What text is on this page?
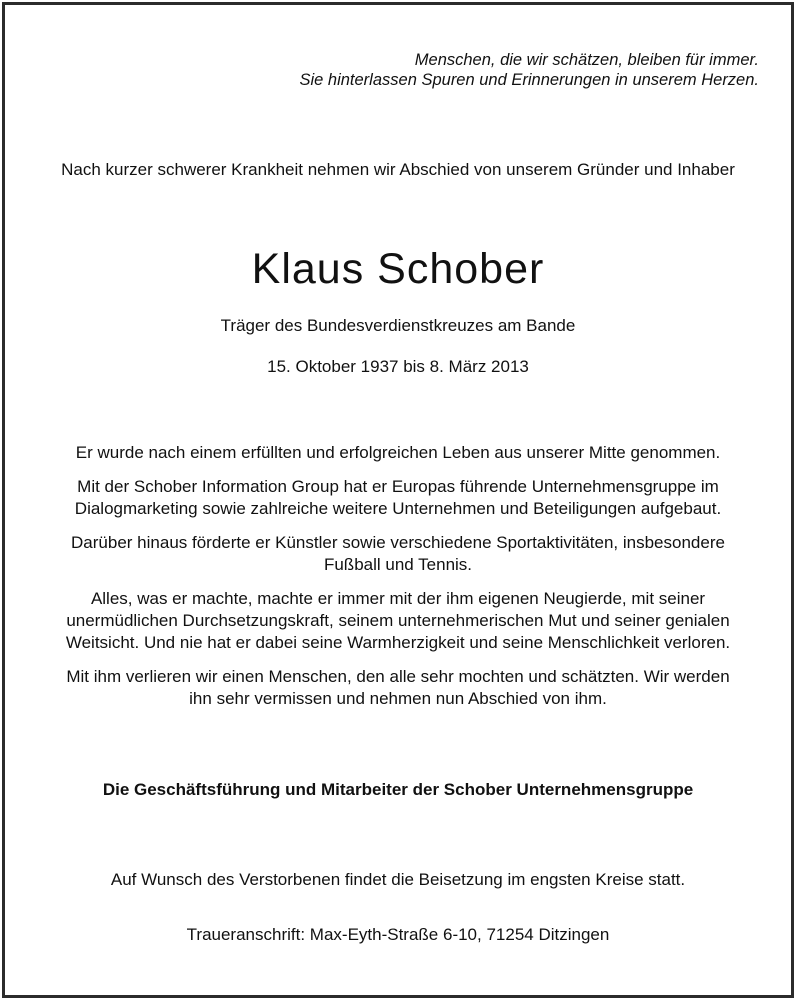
Menschen, die wir schätzen, bleiben für immer.
Sie hinterlassen Spuren und Erinnerungen in unserem Herzen.
Nach kurzer schwerer Krankheit nehmen wir Abschied von unserem Gründer und Inhaber
Klaus Schober
Träger des Bundesverdienstkreuzes am Bande
15. Oktober 1937 bis 8. März 2013

Er wurde nach einem erfüllten und erfolgreichen Leben aus unserer Mitte genommen.

Mit der Schober Information Group hat er Europas führende Unternehmensgruppe im
Dialogmarketing sowie zahlreiche weitere Unternehmen und Beteiligungen aufgebaut.

Darüber hinaus förderte er Künstler sowie verschiedene Sportaktivitäten, insbesondere
Fußball und Tennis.

Alles, was er machte, machte er immer mit der ihm eigenen Neugierde, mit seiner
unermüdlichen Durchsetzungskraft, seinem unternehmerischen Mut und seiner genialen
Weitsicht. Und nie hat er dabei seine Warmherzigkeit und seine Menschlichkeit verloren.

Mit ihm verlieren wir einen Menschen, den alle sehr mochten und schätzten. Wir werden
ihn sehr vermissen und nehmen nun Abschied von ihm.

Die Geschäftsführung und Mitarbeiter der Schober Unternehmensgruppe
Auf Wunsch des Verstorbenen findet die Beisetzung im engsten Kreise statt.
Traueranschrift: Max-Eyth-Straße 6-10, 71254 Ditzingen
